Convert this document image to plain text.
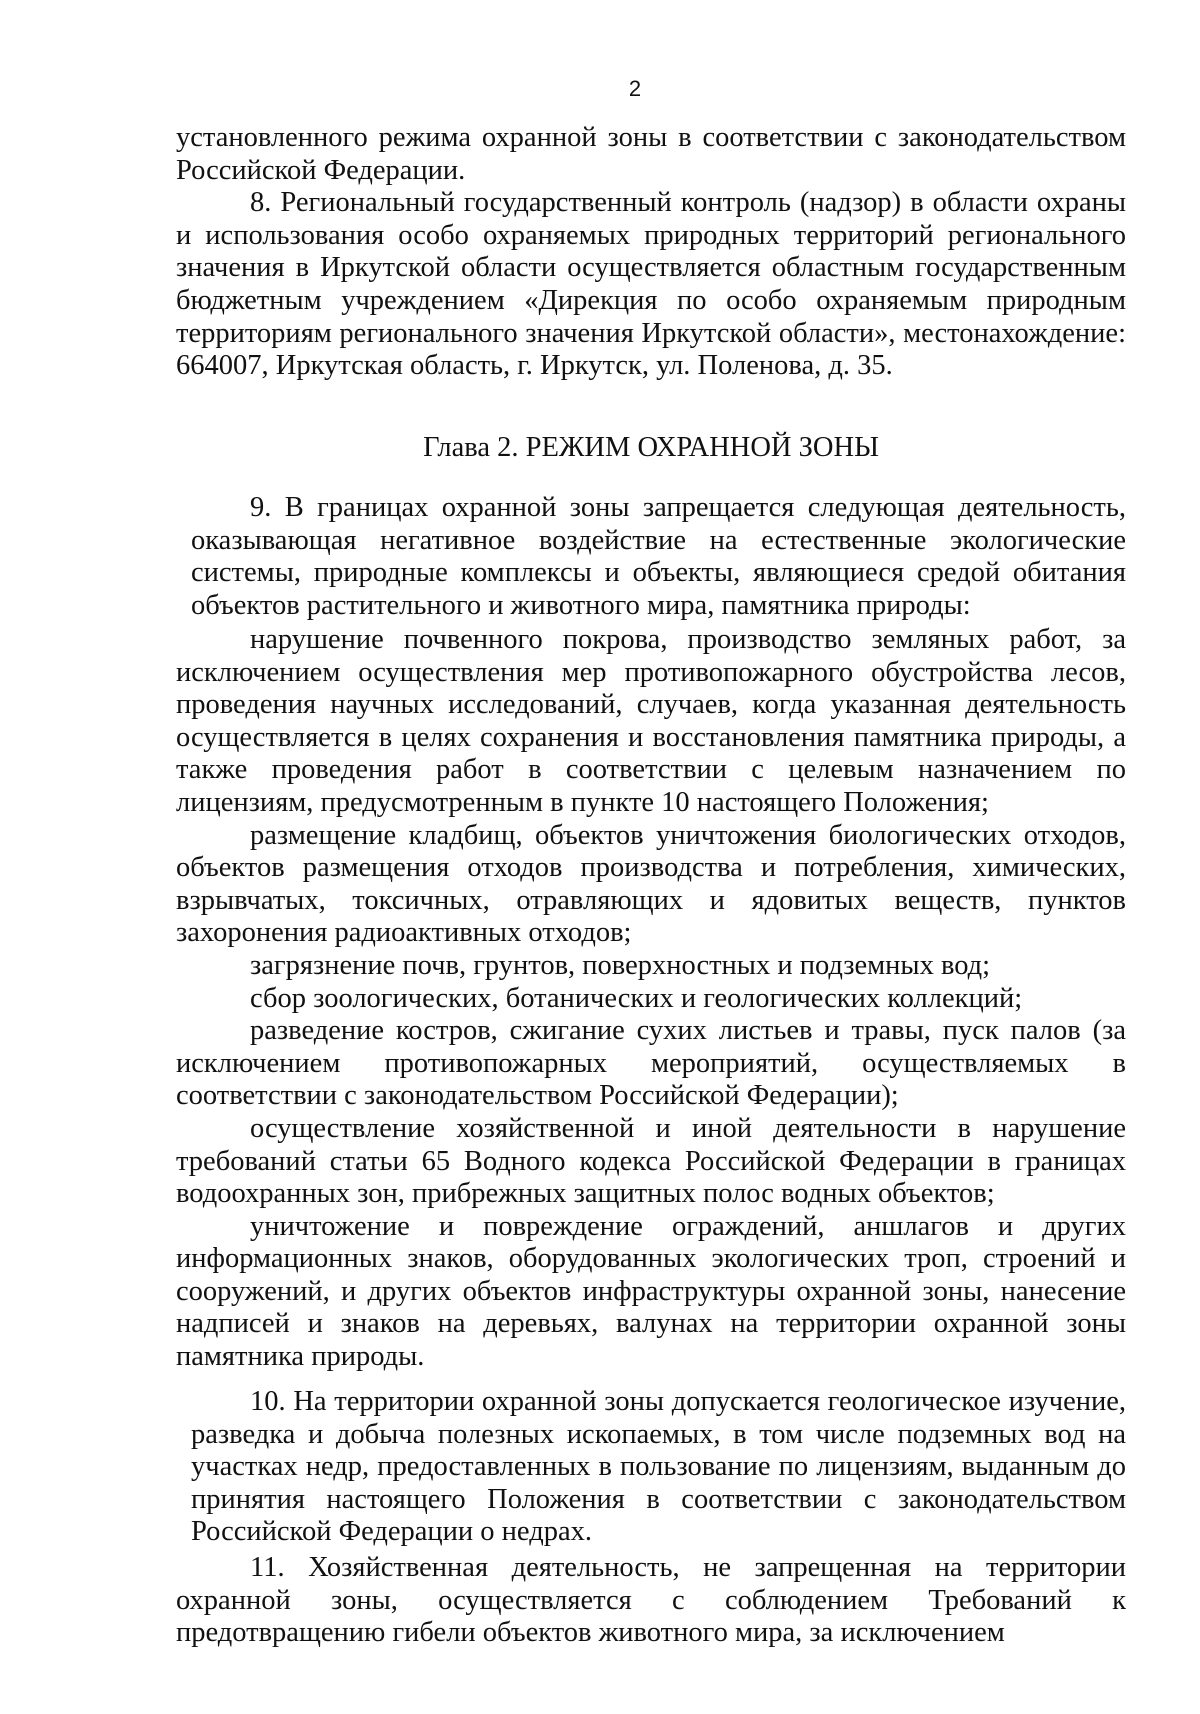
2

установленного режима охранной зоны в соответствии с законодательством Российской Федерации.

8. Региональный государственный контроль (надзор) в области охраны и использования особо охраняемых природных территорий регионального значения в Иркутской области осуществляется областным государственным бюджетным учреждением «Дирекция по особо охраняемым природным территориям регионального значения Иркутской области», местонахождение: 664007, Иркутская область, г. Иркутск, ул. Поленова, д. 35.

Глава 2. РЕЖИМ ОХРАННОЙ ЗОНЫ

9. В границах охранной зоны запрещается следующая деятельность, оказывающая негативное воздействие на естественные экологические системы, природные комплексы и объекты, являющиеся средой обитания объектов растительного и животного мира, памятника природы:

нарушение почвенного покрова, производство земляных работ, за исключением осуществления мер противопожарного обустройства лесов, проведения научных исследований, случаев, когда указанная деятельность осуществляется в целях сохранения и восстановления памятника природы, а также проведения работ в соответствии с целевым назначением по лицензиям, предусмотренным в пункте 10 настоящего Положения;

размещение кладбищ, объектов уничтожения биологических отходов, объектов размещения отходов производства и потребления, химических, взрывчатых, токсичных, отравляющих и ядовитых веществ, пунктов захоронения радиоактивных отходов;

загрязнение почв, грунтов, поверхностных и подземных вод;

сбор зоологических, ботанических и геологических коллекций;

разведение костров, сжигание сухих листьев и травы, пуск палов (за исключением противопожарных мероприятий, осуществляемых в соответствии с законодательством Российской Федерации);

осуществление хозяйственной и иной деятельности в нарушение требований статьи 65 Водного кодекса Российской Федерации в границах водоохранных зон, прибрежных защитных полос водных объектов;

уничтожение и повреждение ограждений, аншлагов и других информационных знаков, оборудованных экологических троп, строений и сооружений, и других объектов инфраструктуры охранной зоны, нанесение надписей и знаков на деревьях, валунах на территории охранной зоны памятника природы.

10. На территории охранной зоны допускается геологическое изучение, разведка и добыча полезных ископаемых, в том числе подземных вод на участках недр, предоставленных в пользование по лицензиям, выданным до принятия настоящего Положения в соответствии с законодательством Российской Федерации о недрах.

11. Хозяйственная деятельность, не запрещенная на территории охранной зоны, осуществляется с соблюдением Требований к предотвращению гибели объектов животного мира, за исключением
